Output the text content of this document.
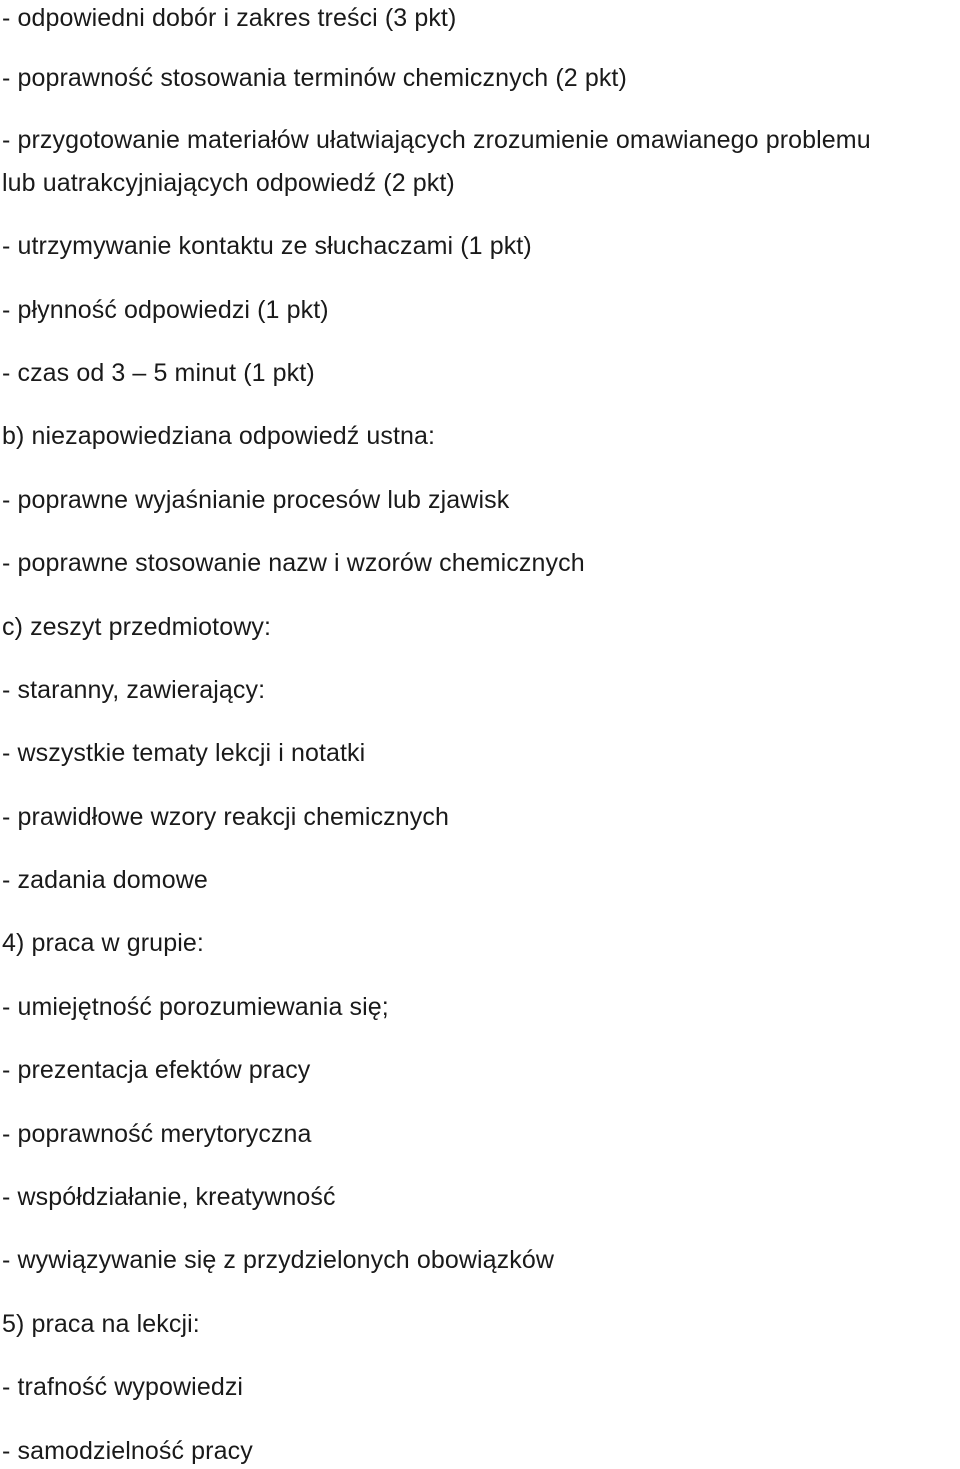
- odpowiedni dobór i zakres treści (3 pkt)
- poprawność stosowania terminów chemicznych (2 pkt)
- przygotowanie materiałów ułatwiających zrozumienie omawianego problemu
lub uatrakcyjniających odpowiedź (2 pkt)
- utrzymywanie kontaktu ze słuchaczami (1 pkt)
- płynność odpowiedzi (1 pkt)
- czas od 3 – 5 minut (1 pkt)
b) niezapowiedziana odpowiedź ustna:
- poprawne wyjaśnianie procesów lub zjawisk
- poprawne stosowanie nazw i wzorów chemicznych
c) zeszyt przedmiotowy:
- staranny, zawierający:
- wszystkie tematy lekcji i notatki
- prawidłowe wzory reakcji chemicznych
- zadania domowe
4) praca w grupie:
- umiejętność porozumiewania się;
- prezentacja efektów pracy
- poprawność merytoryczna
- współdziałanie, kreatywność
- wywiązywanie się z przydzielonych obowiązków
5) praca na lekcji:
- trafność wypowiedzi
- samodzielność pracy
